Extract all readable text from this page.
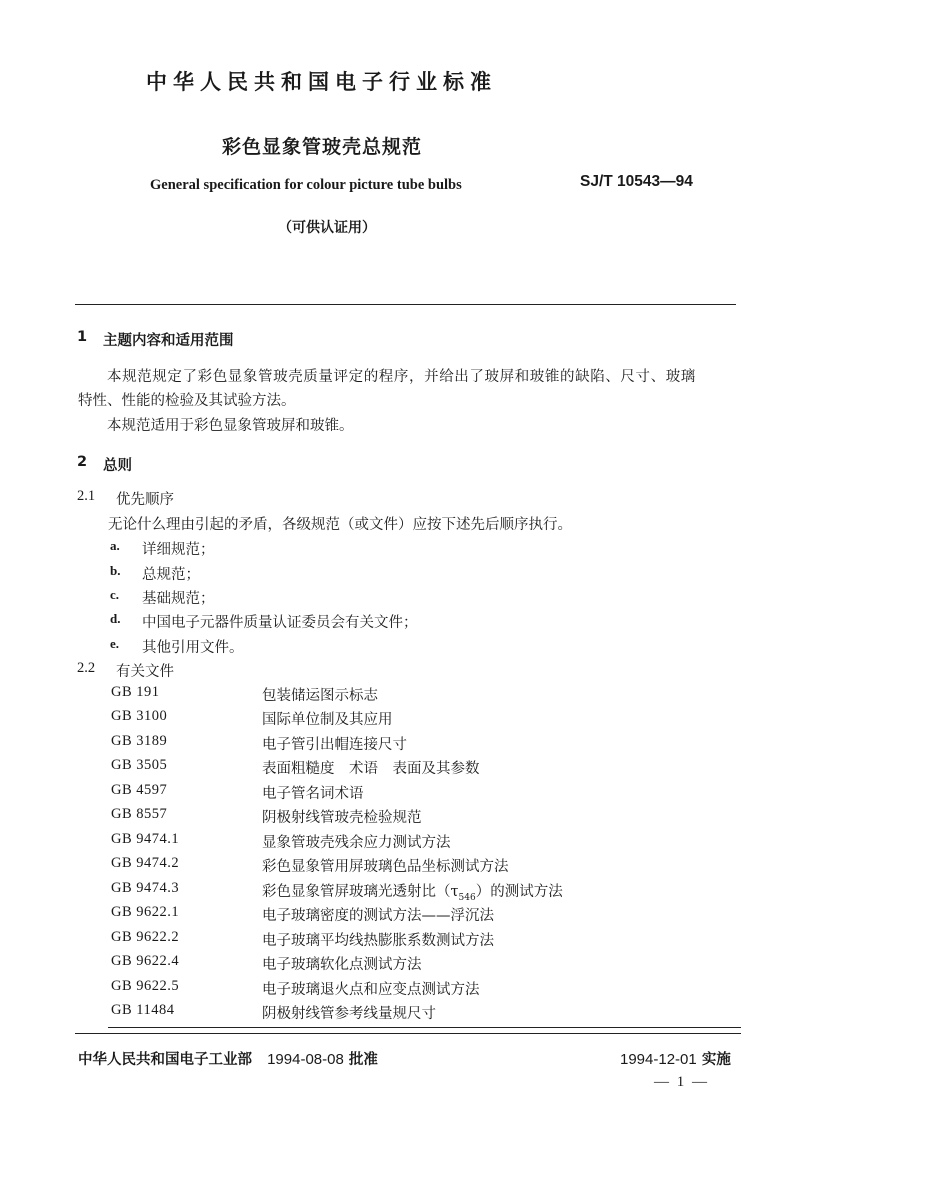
中华人民共和国电子行业标准
彩色显象管玻壳总规范
General specification for colour picture tube bulbs	SJ/T 10543—94
（可供认证用）
1 主题内容和适用范围
本规范规定了彩色显象管玻壳质量评定的程序，并给出了玻屏和玻锥的缺陷、尺寸、玻璃
特性、性能的检验及其试验方法。
本规范适用于彩色显象管玻屏和玻锥。
2 总则
2.1 优先顺序
无论什么理由引起的矛盾，各级规范（或文件）应按下述先后顺序执行。
a. 详细规范；
b. 总规范；
c. 基础规范；
d. 中国电子元器件质量认证委员会有关文件；
e. 其他引用文件。
2.2 有关文件
GB 191	包装储运图示标志
GB 3100	国际单位制及其应用
GB 3189	电子管引出帽连接尺寸
GB 3505	表面粗糙度　术语　表面及其参数
GB 4597	电子管名词术语
GB 8557	阴极射线管玻壳检验规范
GB 9474.1	显象管玻壳残余应力测试方法
GB 9474.2	彩色显象管用屏玻璃色品坐标测试方法
GB 9474.3	彩色显象管屏玻璃光透射比$(\tau_{546})$的测试方法
GB 9622.1	电子玻璃密度的测试方法——浮沉法
GB 9622.2	电子玻璃平均线热膨胀系数测试方法
GB 9622.4	电子玻璃软化点测试方法
GB 9622.5	电子玻璃退火点和应变点测试方法
GB 11484	阴极射线管参考线量规尺寸
中华人民共和国电子工业部 1994-08-08 批准	1994-12-01 实施
— 1 —
